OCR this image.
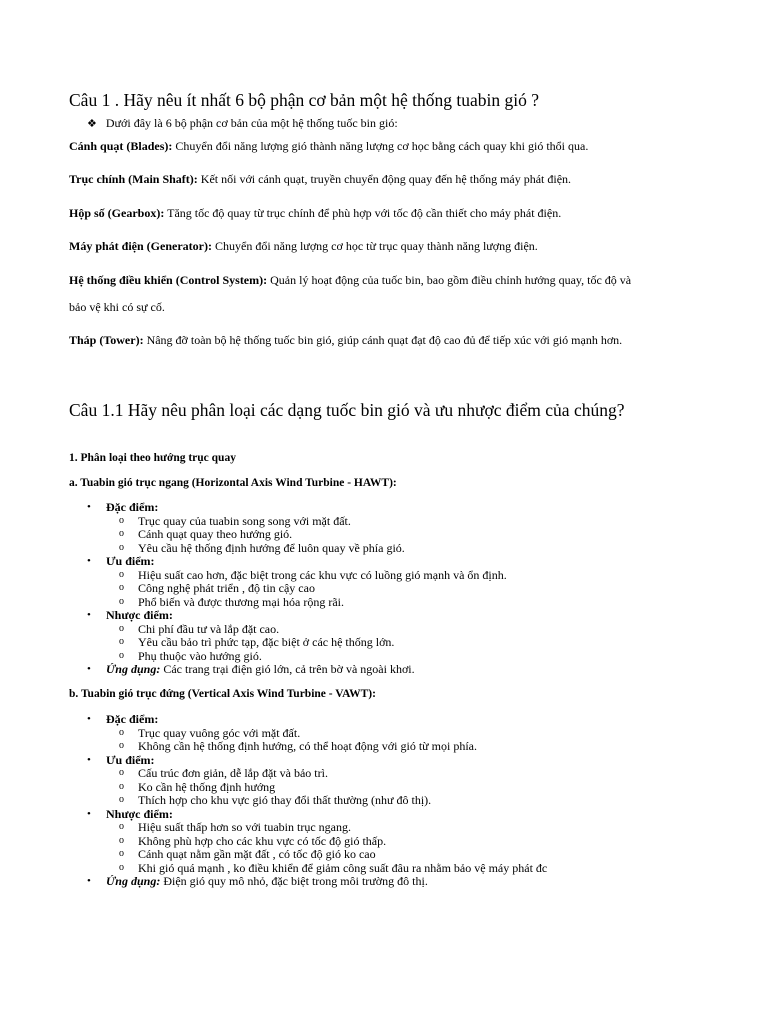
Câu 1 . Hãy nêu ít nhất 6 bộ phận cơ bản một hệ thống tuabin gió ?
❖ Dưới đây là 6 bộ phận cơ bản của một hệ thống tuốc bin gió:
Cánh quạt (Blades): Chuyển đổi năng lượng gió thành năng lượng cơ học bằng cách quay khi gió thổi qua.
Trục chính (Main Shaft): Kết nối với cánh quạt, truyền chuyển động quay đến hệ thống máy phát điện.
Hộp số (Gearbox): Tăng tốc độ quay từ trục chính để phù hợp với tốc độ cần thiết cho máy phát điện.
Máy phát điện (Generator): Chuyển đổi năng lượng cơ học từ trục quay thành năng lượng điện.
Hệ thống điều khiển (Control System): Quản lý hoạt động của tuốc bin, bao gồm điều chỉnh hướng quay, tốc độ và
bảo vệ khi có sự cố.
Tháp (Tower): Nâng đỡ toàn bộ hệ thống tuốc bin gió, giúp cánh quạt đạt độ cao đủ để tiếp xúc với gió mạnh hơn.
Câu 1.1 Hãy nêu phân loại các dạng tuốc bin gió và ưu nhược điểm của chúng?
1. Phân loại theo hướng trục quay
a. Tuabin gió trục ngang (Horizontal Axis Wind Turbine - HAWT):
• Đặc điểm:
o Trục quay của tuabin song song với mặt đất.
o Cánh quạt quay theo hướng gió.
o Yêu cầu hệ thống định hướng để luôn quay về phía gió.
• Ưu điểm:
o Hiệu suất cao hơn, đặc biệt trong các khu vực có luồng gió mạnh và ổn định.
o Công nghệ phát triển , độ tin cậy cao
o Phổ biến và được thương mại hóa rộng rãi.
• Nhược điểm:
o Chi phí đầu tư và lắp đặt cao.
o Yêu cầu bảo trì phức tạp, đặc biệt ở các hệ thống lớn.
o Phụ thuộc vào hướng gió.
• Ứng dụng: Các trang trại điện gió lớn, cả trên bờ và ngoài khơi.
b. Tuabin gió trục đứng (Vertical Axis Wind Turbine - VAWT):
• Đặc điểm:
o Trục quay vuông góc với mặt đất.
o Không cần hệ thống định hướng, có thể hoạt động với gió từ mọi phía.
• Ưu điểm:
o Cấu trúc đơn giản, dễ lắp đặt và bảo trì.
o Ko cần hệ thống định hướng
o Thích hợp cho khu vực gió thay đổi thất thường (như đô thị).
• Nhược điểm:
o Hiệu suất thấp hơn so với tuabin trục ngang.
o Không phù hợp cho các khu vực có tốc độ gió thấp.
o Cánh quạt nằm gần mặt đất , có tốc độ gió ko cao
o Khi gió quá mạnh , ko điều khiển để giảm công suất đâu ra nhằm bảo vệ máy phát đc
• Ứng dụng: Điện gió quy mô nhỏ, đặc biệt trong môi trường đô thị.
